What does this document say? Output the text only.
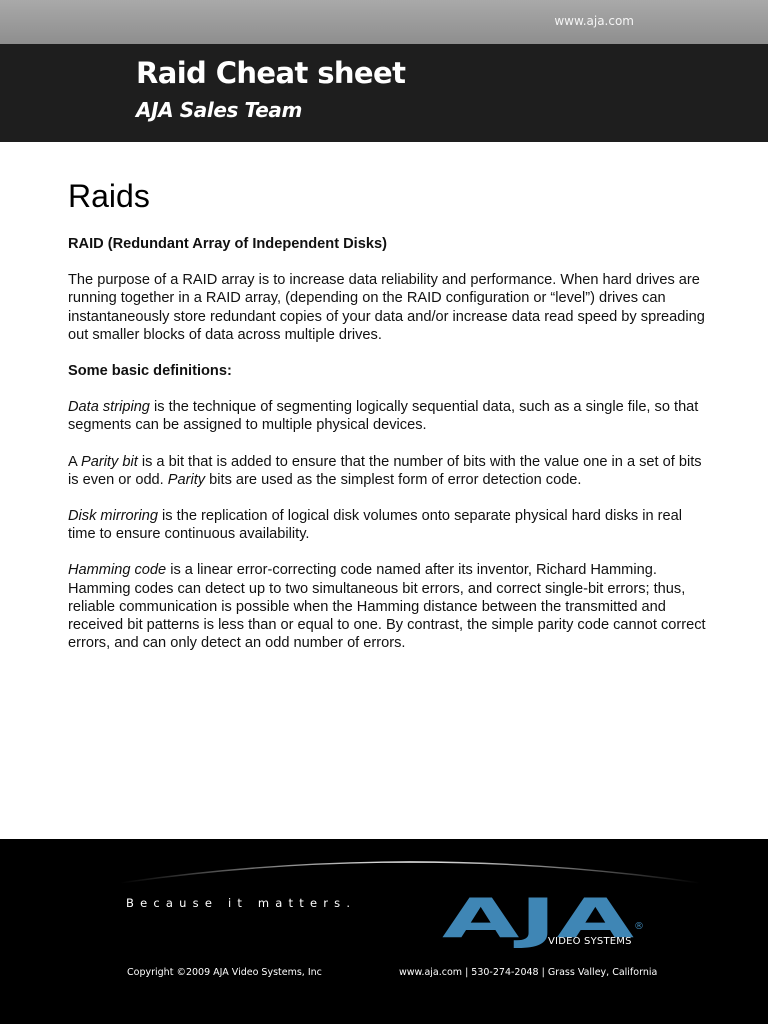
www.aja.com
Raid Cheat sheet
AJA Sales Team
Raids

RAID (Redundant Array of Independent Disks)

The purpose of a RAID array is to increase data reliability and performance. When hard drives are running together in a RAID array, (depending on the RAID configuration or “level”) drives can instantaneously store redundant copies of your data and/or increase data read speed by spreading out smaller blocks of data across multiple drives.

Some basic definitions:

Data striping is the technique of segmenting logically sequential data, such as a single file, so that segments can be assigned to multiple physical devices.

A Parity bit is a bit that is added to ensure that the number of bits with the value one in a set of bits is even or odd. Parity bits are used as the simplest form of error detection code.

Disk mirroring is the replication of logical disk volumes onto separate physical hard disks in real time to ensure continuous availability.

Hamming code is a linear error-correcting code named after its inventor, Richard Hamming. Hamming codes can detect up to two simultaneous bit errors, and correct single-bit errors; thus, reliable communication is possible when the Hamming distance between the transmitted and received bit patterns is less than or equal to one. By contrast, the simple parity code cannot correct errors, and can only detect an odd number of errors.

Because it matters. AJA ®
VIDEO SYSTEMS
Copyright ©2009 AJA Video Systems, Inc	www.aja.com | 530-274-2048 | Grass Valley, California
